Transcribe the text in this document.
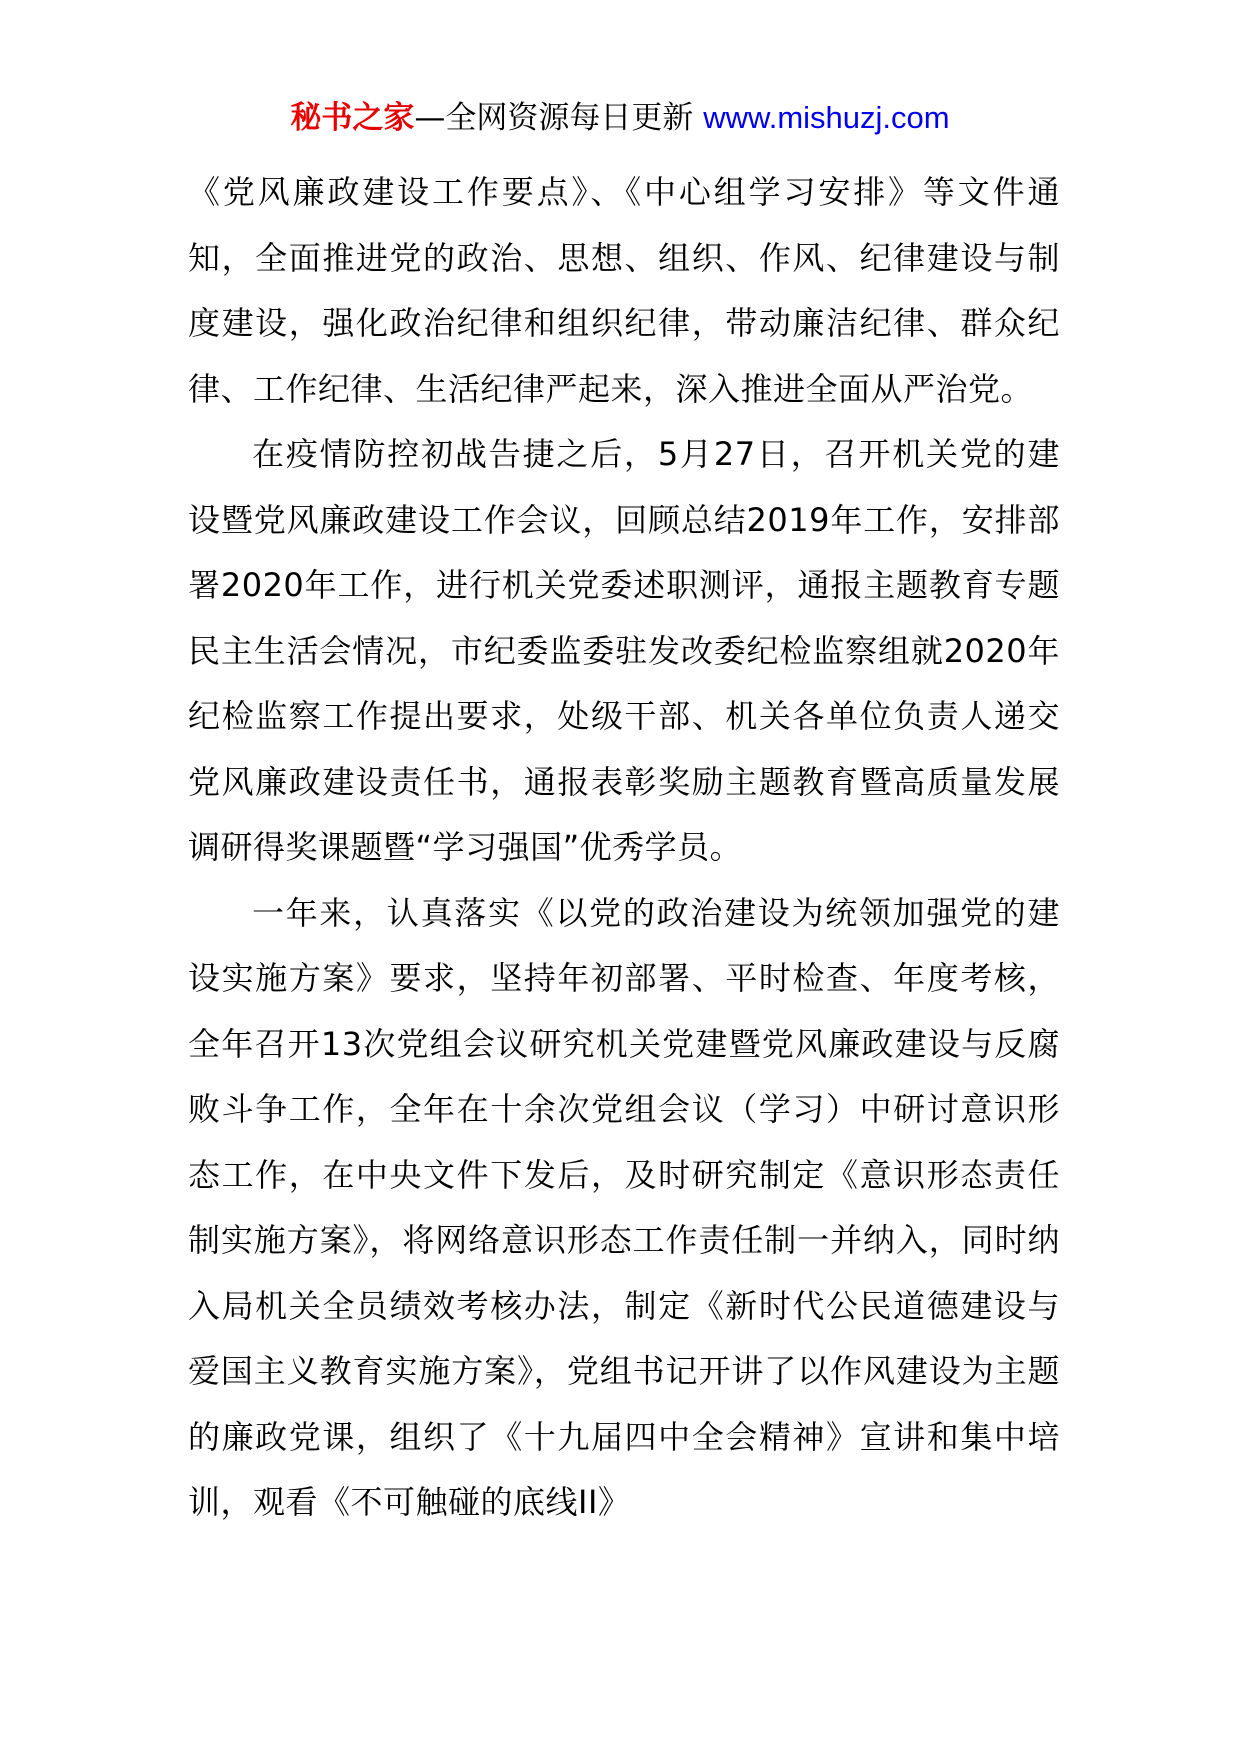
秘书之家—全网资源每日更新 www.mishuzj.com

《党风廉政建设工作要点》、《中心组学习安排》等文件通知，全面推进党的政治、思想、组织、作风、纪律建设与制度建设，强化政治纪律和组织纪律，带动廉洁纪律、群众纪律、工作纪律、生活纪律严起来，深入推进全面从严治党。

在疫情防控初战告捷之后，5月27日，召开机关党的建设暨党风廉政建设工作会议，回顾总结2019年工作，安排部署2020年工作，进行机关党委述职测评，通报主题教育专题民主生活会情况，市纪委监委驻发改委纪检监察组就2020年纪检监察工作提出要求，处级干部、机关各单位负责人递交党风廉政建设责任书，通报表彰奖励主题教育暨高质量发展调研得奖课题暨“学习强国”优秀学员。

一年来，认真落实《以党的政治建设为统领加强党的建设实施方案》要求，坚持年初部署、平时检查、年度考核，全年召开13次党组会议研究机关党建暨党风廉政建设与反腐败斗争工作，全年在十余次党组会议（学习）中研讨意识形态工作，在中央文件下发后，及时研究制定《意识形态责任制实施方案》，将网络意识形态工作责任制一并纳入，同时纳入局机关全员绩效考核办法，制定《新时代公民道德建设与爱国主义教育实施方案》，党组书记开讲了以作风建设为主题的廉政党课，组织了《十九届四中全会精神》宣讲和集中培训，观看《不可触碰的底线II》
